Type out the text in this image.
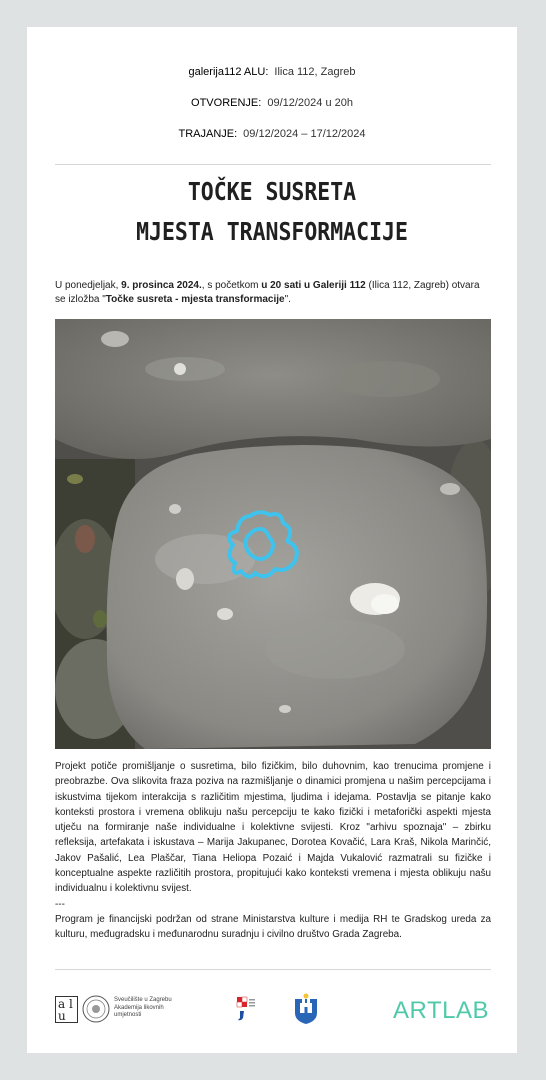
galerija112 ALU: Ilica 112, Zagreb
OTVORENJE: 09/12/2024 u 20h
TRAJANJE: 09/12/2024 – 17/12/2024
TOČKE SUSRETA
MJESTA TRANSFORMACIJE
U ponedjeljak, 9. prosinca 2024., s početkom u 20 sati u Galeriji 112 (Ilica 112, Zagreb) otvara se izložba "Točke susreta - mjesta transformacije".

Projekt potiče promišljanje o susretima, bilo fizičkim, bilo duhovnim, kao trenucima promjene i preobrazbe. Ova slikovita fraza poziva na razmišljanje o dinamici promjena u našim percepcijama i iskustvima tijekom interakcija s različitim mjestima, ljudima i idejama. Postavlja se pitanje kako konteksti prostora i vremena oblikuju našu percepciju te kako fizički i metaforički aspekti mjesta utječu na formiranje naše individualne i kolektivne svijesti. Kroz "arhivu spoznaja" – zbirku refleksija, artefakata i iskustava – Marija Jakupanec, Dorotea Kovačić, Lara Kraš, Nikola Marinčić, Jakov Pašalić, Lea Plaščar, Tiana Heliopa Pozaić i Majda Vukalović razmatrali su fizičke i konceptualne aspekte različitih prostora, propitujući kako konteksti vremena i mjesta oblikuju našu individualnu i kolektivnu svijest.

---

Program je financijski podržan od strane Ministarstva kulture i medija RH te Gradskog ureda za kulturu, međugradsku i međunarodnu suradnju i civilno društvo Grada Zagreba.

a l u
Sveučilište u Zagrebu
Akademija likovnih
umjetnosti	ARTLAB
